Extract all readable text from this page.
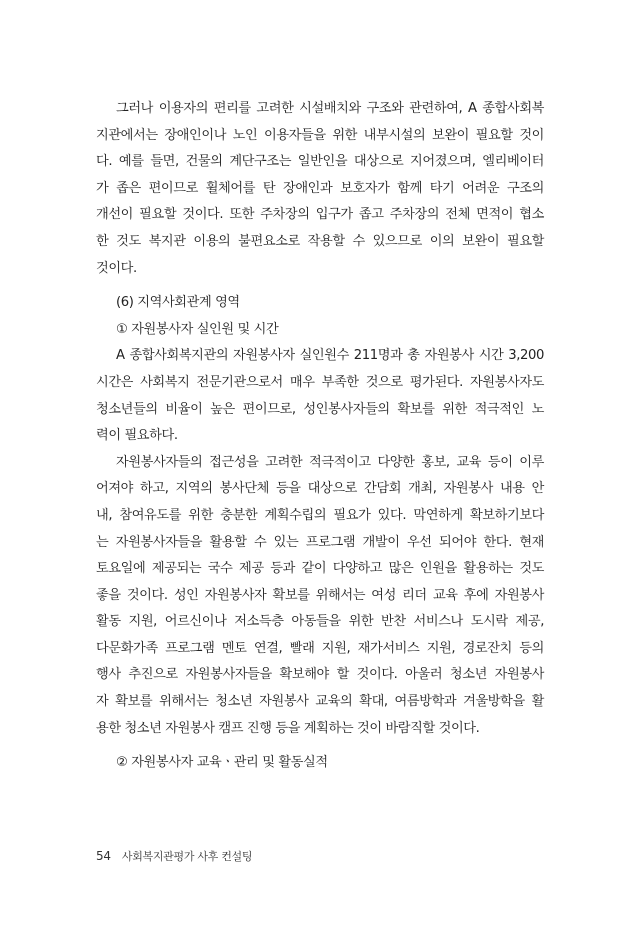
그러나 이용자의 편리를 고려한 시설배치와 구조와 관련하여, A 종합사회복
지관에서는 장애인이나 노인 이용자들을 위한 내부시설의 보완이 필요할 것이
다. 예를 들면, 건물의 계단구조는 일반인을 대상으로 지어졌으며, 엘리베이터
가 좁은 편이므로 휠체어를 탄 장애인과 보호자가 함께 타기 어려운 구조의
개선이 필요할 것이다. 또한 주차장의 입구가 좁고 주차장의 전체 면적이 협소
한 것도 복지관 이용의 불편요소로 작용할 수 있으므로 이의 보완이 필요할
것이다.
(6) 지역사회관계 영역
① 자원봉사자 실인원 및 시간
A 종합사회복지관의 자원봉사자 실인원수 211명과 총 자원봉사 시간 3,200
시간은 사회복지 전문기관으로서 매우 부족한 것으로 평가된다. 자원봉사자도
청소년들의 비율이 높은 편이므로, 성인봉사자들의 확보를 위한 적극적인 노
력이 필요하다.
자원봉사자들의 접근성을 고려한 적극적이고 다양한 홍보, 교육 등이 이루
어져야 하고, 지역의 봉사단체 등을 대상으로 간담회 개최, 자원봉사 내용 안
내, 참여유도를 위한 충분한 계획수립의 필요가 있다. 막연하게 확보하기보다
는 자원봉사자들을 활용할 수 있는 프로그램 개발이 우선 되어야 한다. 현재
토요일에 제공되는 국수 제공 등과 같이 다양하고 많은 인원을 활용하는 것도
좋을 것이다. 성인 자원봉사자 확보를 위해서는 여성 리더 교육 후에 자원봉사
활동 지원, 어르신이나 저소득층 아동들을 위한 반찬 서비스나 도시락 제공,
다문화가족 프로그램 멘토 연결, 빨래 지원, 재가서비스 지원, 경로잔치 등의
행사 추진으로 자원봉사자들을 확보해야 할 것이다. 아울러 청소년 자원봉사
자 확보를 위해서는 청소년 자원봉사 교육의 확대, 여름방학과 겨울방학을 활
용한 청소년 자원봉사 캠프 진행 등을 계획하는 것이 바람직할 것이다.
② 자원봉사자 교육ㆍ관리 및 활동실적
54 사회복지관평가 사후 컨설팅
